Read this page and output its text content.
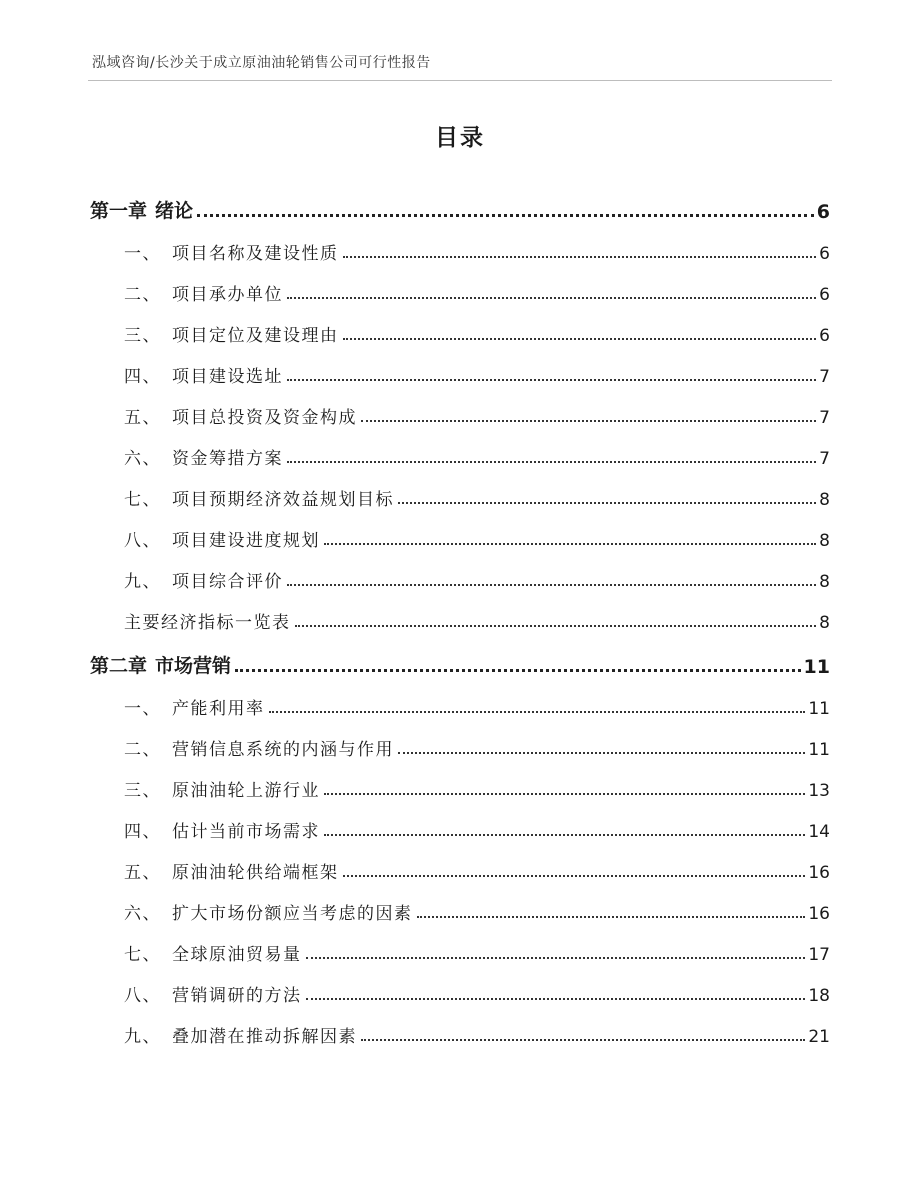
泓域咨询/长沙关于成立原油油轮销售公司可行性报告
目录
第一章 绪论	6
一、 项目名称及建设性质	6
二、 项目承办单位	6
三、 项目定位及建设理由	6
四、 项目建设选址	7
五、 项目总投资及资金构成	7
六、 资金筹措方案	7
七、 项目预期经济效益规划目标	8
八、 项目建设进度规划	8
九、 项目综合评价	8
主要经济指标一览表	8
第二章 市场营销	11
一、 产能利用率	11
二、 营销信息系统的内涵与作用	11
三、 原油油轮上游行业	13
四、 估计当前市场需求	14
五、 原油油轮供给端框架	16
六、 扩大市场份额应当考虑的因素	16
七、 全球原油贸易量	17
八、 营销调研的方法	18
九、 叠加潜在推动拆解因素	21
